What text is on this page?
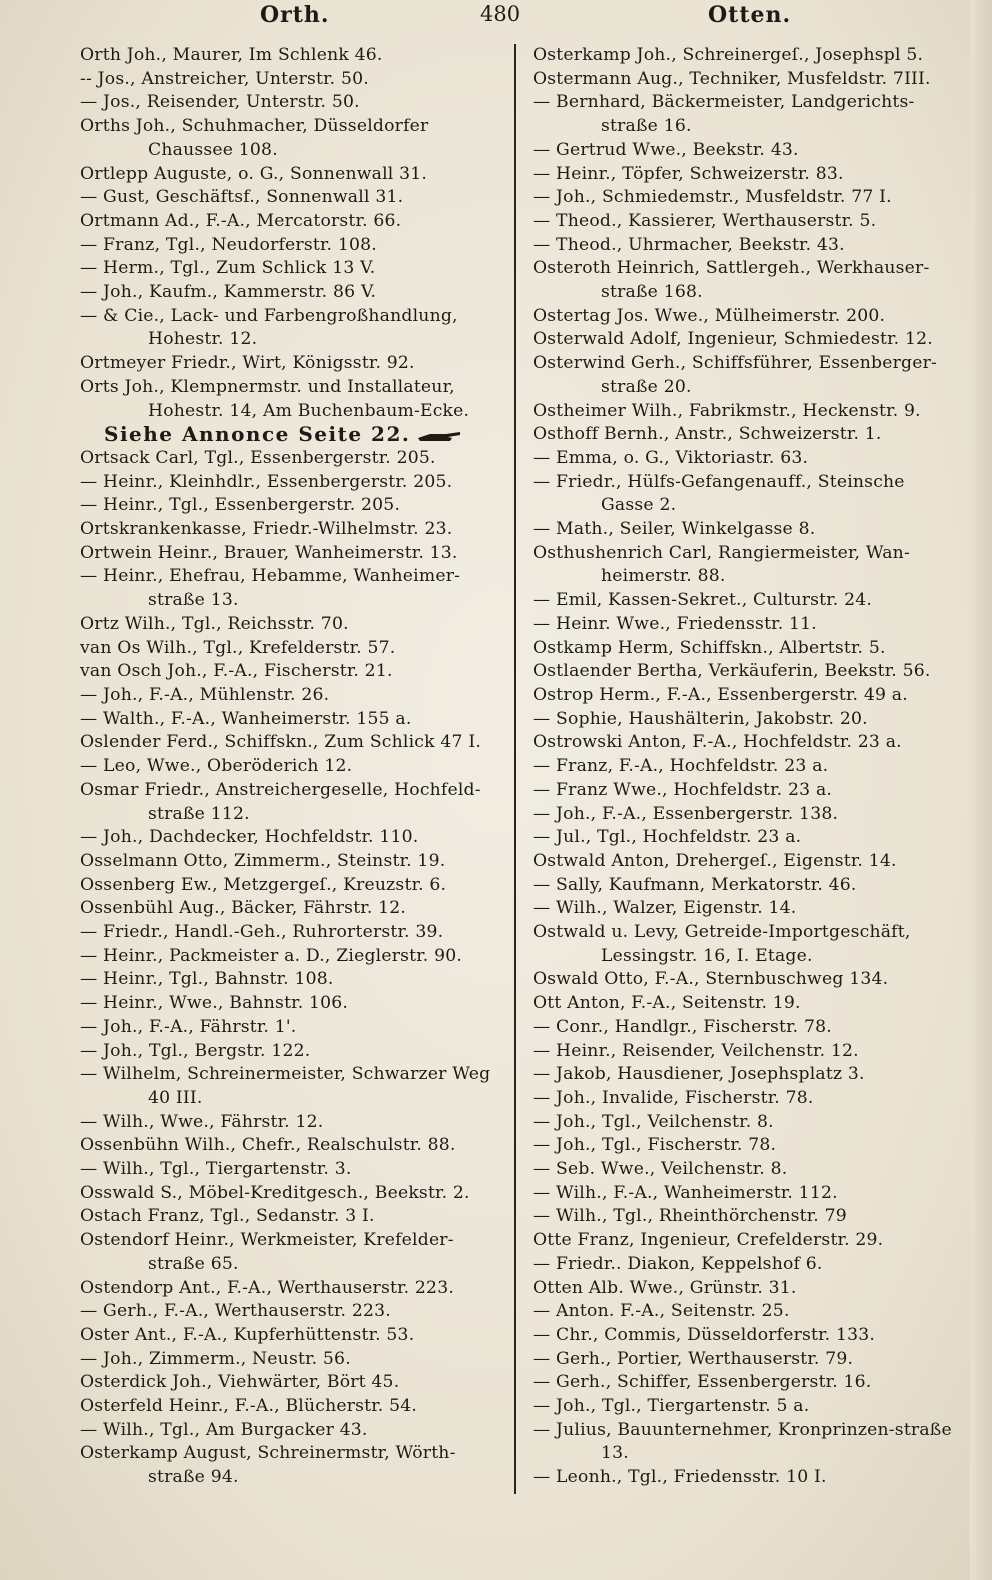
Orth.	480	Otten.

Orth Joh., Maurer, Im Schlenk 46.

-- Jos., Anstreicher, Unterstr. 50.

— Jos., Reisender, Unterstr. 50.

Orths Joh., Schuhmacher, Düsseldorfer Chaussee 108.

Ortlepp Auguste, o. G., Sonnenwall 31.

— Gust, Geschäftsf., Sonnenwall 31.

Ortmann Ad., F.-A., Mercatorstr. 66.

— Franz, Tgl., Neudorferstr. 108.

— Herm., Tgl., Zum Schlick 13 V.

— Joh., Kaufm., Kammerstr. 86 V.

— & Cie., Lack- und Farbengroßhandlung, Hohestr. 12.

Ortmeyer Friedr., Wirt, Königsstr. 92.

Orts Joh., Klempnermstr. und Installateur, Hohestr. 14, Am Buchenbaum-Ecke.

Siehe Annonce Seite 22.

Ortsack Carl, Tgl., Essenbergerstr. 205.

— Heinr., Kleinhdlr., Essenbergerstr. 205.

— Heinr., Tgl., Essenbergerstr. 205.

Ortskrankenkasse, Friedr.-Wilhelmstr. 23.

Ortwein Heinr., Brauer, Wanheimerstr. 13.

— Heinr., Ehefrau, Hebamme, Wanheimer-straße 13.

Ortz Wilh., Tgl., Reichsstr. 70.

van Os Wilh., Tgl., Krefelderstr. 57.

van Osch Joh., F.-A., Fischerstr. 21.

— Joh., F.-A., Mühlenstr. 26.

— Walth., F.-A., Wanheimerstr. 155 a.

Oslender Ferd., Schiffskn., Zum Schlick 47 I.

— Leo, Wwe., Oberöderich 12.

Osmar Friedr., Anstreichergeselle, Hochfeld-straße 112.

— Joh., Dachdecker, Hochfeldstr. 110.

Osselmann Otto, Zimmerm., Steinstr. 19.

Ossenberg Ew., Metzgergeſ., Kreuzstr. 6.

Ossenbühl Aug., Bäcker, Fährstr. 12.

— Friedr., Handl.-Geh., Ruhrorterstr. 39.

— Heinr., Packmeister a. D., Zieglerstr. 90.

— Heinr., Tgl., Bahnstr. 108.

— Heinr., Wwe., Bahnstr. 106.

— Joh., F.-A., Fährstr. 1'.

— Joh., Tgl., Bergstr. 122.

— Wilhelm, Schreinermeister, Schwarzer Weg 40 III.

— Wilh., Wwe., Fährstr. 12.

Ossenbühn Wilh., Chefr., Realschulstr. 88.

— Wilh., Tgl., Tiergartenstr. 3.

Osswald S., Möbel-Kreditgesch., Beekstr. 2.

Ostach Franz, Tgl., Sedanstr. 3 I.

Ostendorf Heinr., Werkmeister, Krefelder-straße 65.

Ostendorp Ant., F.-A., Werthauserstr. 223.

— Gerh., F.-A., Werthauserstr. 223.

Oster Ant., F.-A., Kupferhüttenstr. 53.

— Joh., Zimmerm., Neustr. 56.

Osterdick Joh., Viehwärter, Bört 45.

Osterfeld Heinr., F.-A., Blücherstr. 54.

— Wilh., Tgl., Am Burgacker 43.

Osterkamp August, Schreinermstr, Wörth-straße 94.

Osterkamp Joh., Schreinergeſ., Josephspl 5.

Ostermann Aug., Techniker, Musfeldstr. 7III.

— Bernhard, Bäckermeister, Landgerichts-straße 16.

— Gertrud Wwe., Beekstr. 43.

— Heinr., Töpfer, Schweizerstr. 83.

— Joh., Schmiedemstr., Musfeldstr. 77 I.

— Theod., Kassierer, Werthauserstr. 5.

— Theod., Uhrmacher, Beekstr. 43.

Osteroth Heinrich, Sattlergeh., Werkhauser-straße 168.

Ostertag Jos. Wwe., Mülheimerstr. 200.

Osterwald Adolf, Ingenieur, Schmiedestr. 12.

Osterwind Gerh., Schiffsführer, Essenberger-straße 20.

Ostheimer Wilh., Fabrikmstr., Heckenstr. 9.

Osthoff Bernh., Anstr., Schweizerstr. 1.

— Emma, o. G., Viktoriastr. 63.

— Friedr., Hülfs-Gefangenauff., Steinsche Gasse 2.

— Math., Seiler, Winkelgasse 8.

Osthushenrich Carl, Rangiermeister, Wan-heimerstr. 88.

— Emil, Kassen-Sekret., Culturstr. 24.

— Heinr. Wwe., Friedensstr. 11.

Ostkamp Herm, Schiffskn., Albertstr. 5.

Ostlaender Bertha, Verkäuferin, Beekstr. 56.

Ostrop Herm., F.-A., Essenbergerstr. 49 a.

— Sophie, Haushälterin, Jakobstr. 20.

Ostrowski Anton, F.-A., Hochfeldstr. 23 a.

— Franz, F.-A., Hochfeldstr. 23 a.

— Franz Wwe., Hochfeldstr. 23 a.

— Joh., F.-A., Essenbergerstr. 138.

— Jul., Tgl., Hochfeldstr. 23 a.

Ostwald Anton, Drehergeſ., Eigenstr. 14.

— Sally, Kaufmann, Merkatorstr. 46.

— Wilh., Walzer, Eigenstr. 14.

Ostwald u. Levy, Getreide-Importgeschäft, Lessingstr. 16, I. Etage.

Oswald Otto, F.-A., Sternbuschweg 134.

Ott Anton, F.-A., Seitenstr. 19.

— Conr., Handlgr., Fischerstr. 78.

— Heinr., Reisender, Veilchenstr. 12.

— Jakob, Hausdiener, Josephsplatz 3.

— Joh., Invalide, Fischerstr. 78.

— Joh., Tgl., Veilchenstr. 8.

— Joh., Tgl., Fischerstr. 78.

— Seb. Wwe., Veilchenstr. 8.

— Wilh., F.-A., Wanheimerstr. 112.

— Wilh., Tgl., Rheinthörchenstr. 79

Otte Franz, Ingenieur, Crefelderstr. 29.

— Friedr.. Diakon, Keppelshof 6.

Otten Alb. Wwe., Grünstr. 31.

— Anton. F.-A., Seitenstr. 25.

— Chr., Commis, Düsseldorferstr. 133.

— Gerh., Portier, Werthauserstr. 79.

— Gerh., Schiffer, Essenbergerstr. 16.

— Joh., Tgl., Tiergartenstr. 5 a.

— Julius, Bauunternehmer, Kronprinzen-straße 13.

— Leonh., Tgl., Friedensstr. 10 I.
